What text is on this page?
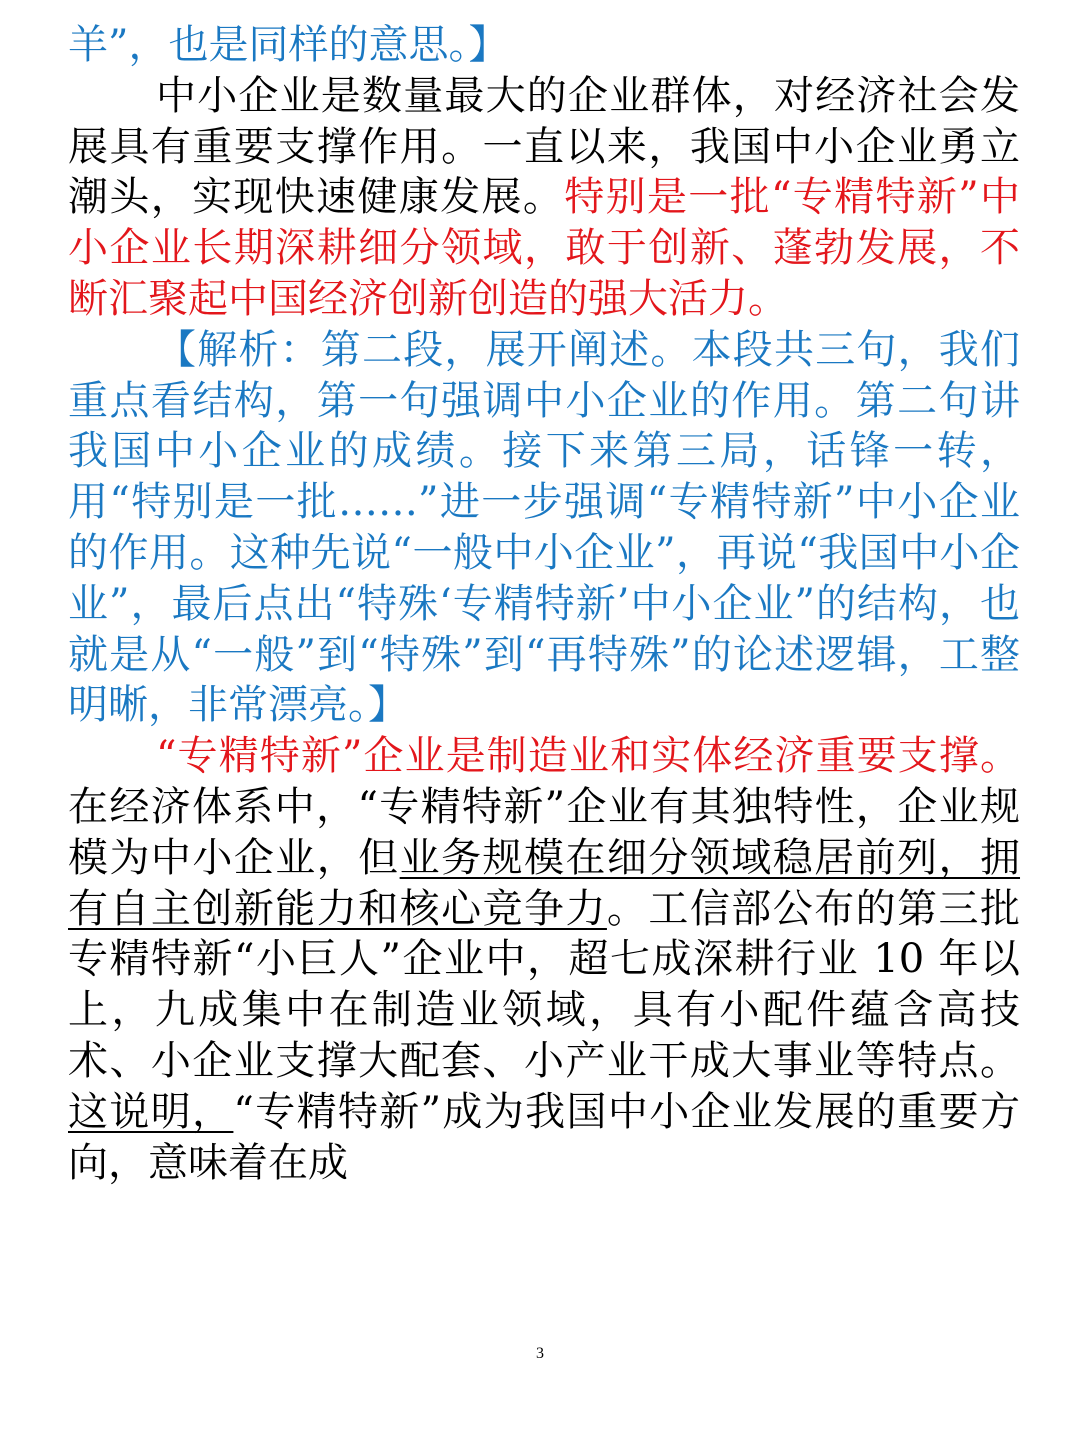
羊”，也是同样的意思。】

中小企业是数量最大的企业群体，对经济社会发展具有重要支撑作用。一直以来，我国中小企业勇立潮头，实现快速健康发展。特别是一批“专精特新”中小企业长期深耕细分领域，敢于创新、蓬勃发展，不断汇聚起中国经济创新创造的强大活力。

【解析：第二段，展开阐述。本段共三句，我们重点看结构，第一句强调中小企业的作用。第二句讲我国中小企业的成绩。接下来第三局，话锋一转，用“特别是一批……”进一步强调“专精特新”中小企业的作用。这种先说“一般中小企业”，再说“我国中小企业”，最后点出“特殊‘专精特新’中小企业”的结构，也就是从“一般”到“特殊”到“再特殊”的论述逻辑，工整明晰，非常漂亮。】

“专精特新”企业是制造业和实体经济重要支撑。在经济体系中，“专精特新”企业有其独特性，企业规模为中小企业，但业务规模在细分领域稳居前列，拥有自主创新能力和核心竞争力。工信部公布的第三批专精特新“小巨人”企业中，超七成深耕行业 10 年以上，九成集中在制造业领域，具有小配件蕴含高技术、小企业支撑大配套、小产业干成大事业等特点。这说明，“专精特新”成为我国中小企业发展的重要方向，意味着在成

3
